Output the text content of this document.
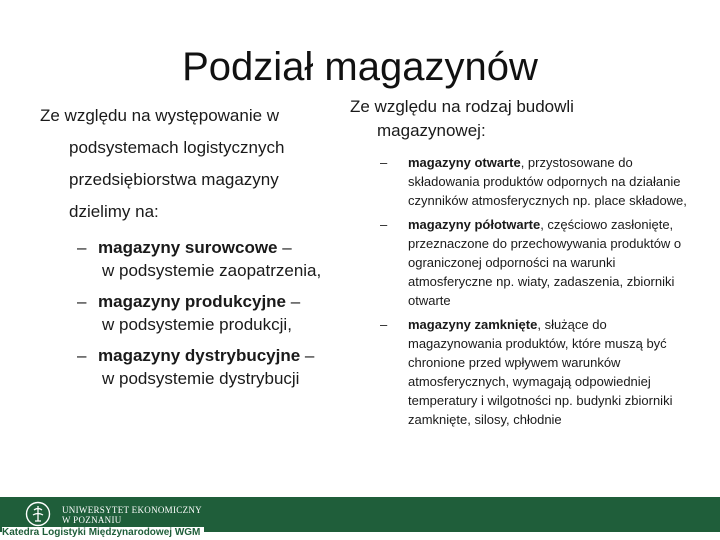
Podział magazynów

Ze względu na występowanie w

podsystemach logistycznych

przedsiębiorstwa magazyny

dzielimy na:

– magazyny surowcowe –
w podsystemie zaopatrzenia,
– magazyny produkcyjne –
w podsystemie produkcji,
– magazyny dystrybucyjne –
w podsystemie dystrybucji

Ze względu na rodzaj budowli

magazynowej:

– magazyny otwarte, przystosowane do składowania produktów odpornych na działanie czynników atmosferycznych np. place składowe,
– magazyny półotwarte, częściowo zasłonięte, przeznaczone do przechowywania produktów o ograniczonej odporności na warunki atmosferyczne np. wiaty, zadaszenia, zbiorniki otwarte
– magazyny zamknięte, służące do magazynowania produktów, które muszą być chronione przed wpływem warunków atmosferycznych, wymagają odpowiedniej temperatury i wilgotności np. budynki zbiorniki zamknięte, silosy, chłodnie
UNIWERSYTET EKONOMICZNY
W POZNANIU
Katedra Logistyki Międzynarodowej WGM
